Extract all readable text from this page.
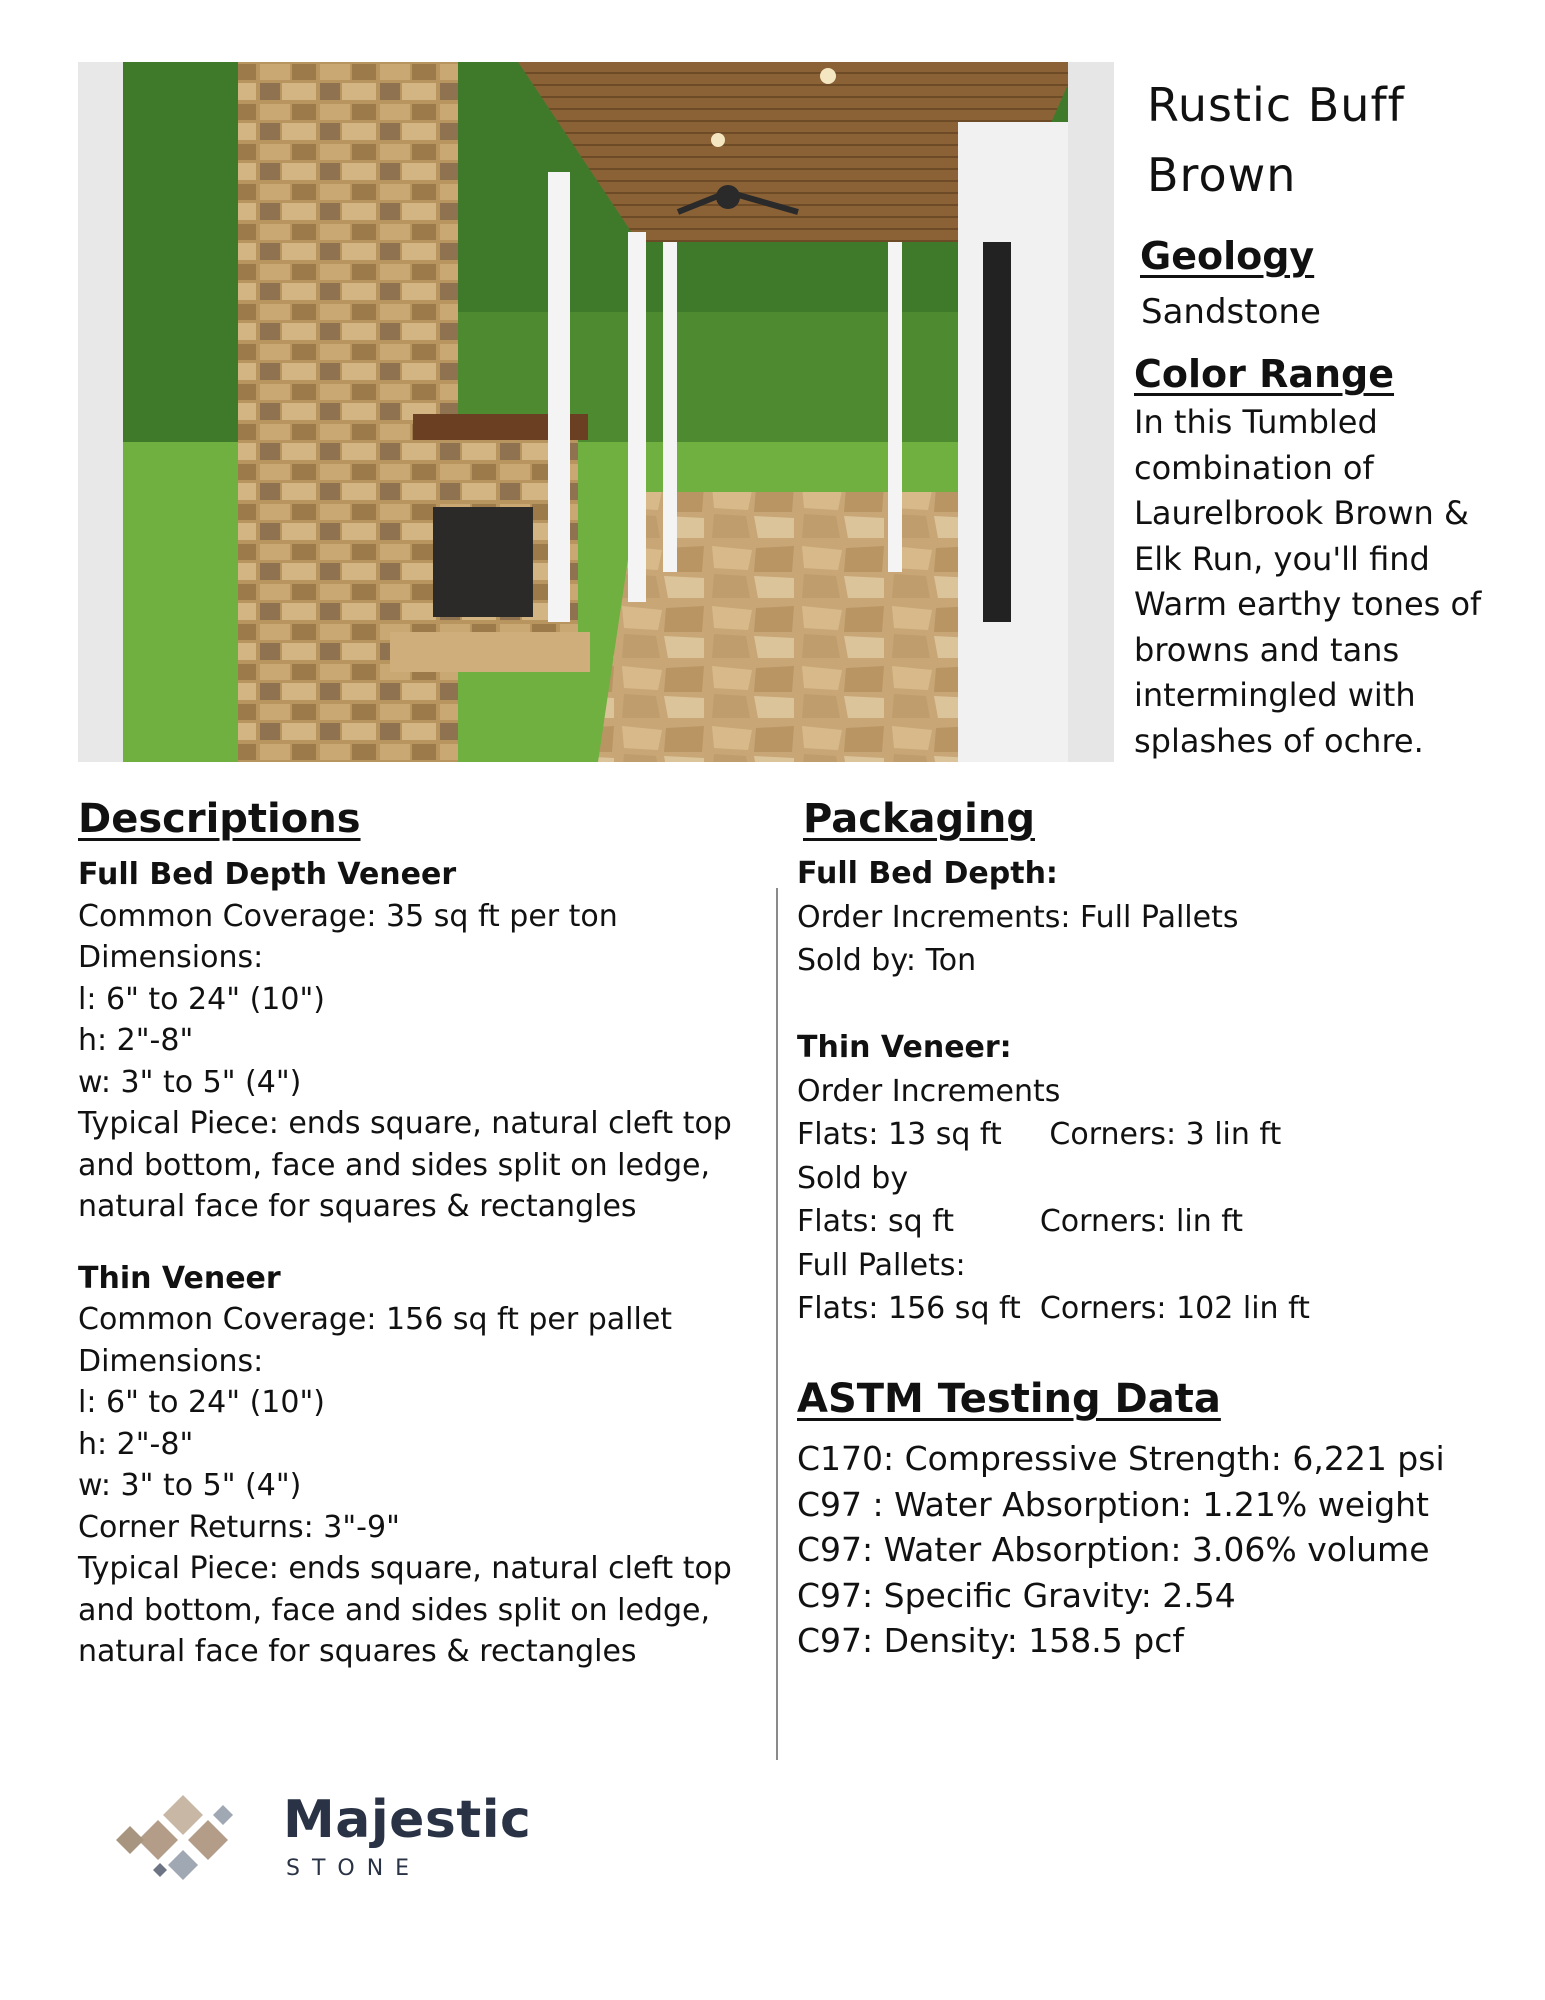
Rustic Buff
Brown
Geology
Sandstone
Color Range
In this Tumbled
combination of
Laurelbrook Brown &
Elk Run, you'll find
Warm earthy tones of
browns and tans
intermingled with
splashes of ochre.
Descriptions	Packaging
Full Bed Depth Veneer
Common Coverage: 35 sq ft per ton
Dimensions:
l: 6" to 24" (10")
h: 2"-8"
w: 3" to 5" (4")
Typical Piece: ends square, natural cleft top
and bottom, face and sides split on ledge,
natural face for squares & rectangles
Thin Veneer
Common Coverage: 156 sq ft per pallet
Dimensions:
l: 6" to 24" (10")
h: 2"-8"
w: 3" to 5" (4")
Corner Returns: 3"-9"
Typical Piece: ends square, natural cleft top
and bottom, face and sides split on ledge,
natural face for squares & rectangles
Full Bed Depth:
Order Increments: Full Pallets
Sold by: Ton
Thin Veneer:
Order Increments
Flats: 13 sq ft     Corners: 3 lin ft
Sold by
Flats: sq ft         Corners: lin ft
Full Pallets:
Flats: 156 sq ft  Corners: 102 lin ft
ASTM Testing Data
C170: Compressive Strength: 6,221 psi
C97 : Water Absorption: 1.21% weight
C97: Water Absorption: 3.06% volume
C97: Specific Gravity: 2.54
C97: Density: 158.5 pcf
Majestic
STONE
